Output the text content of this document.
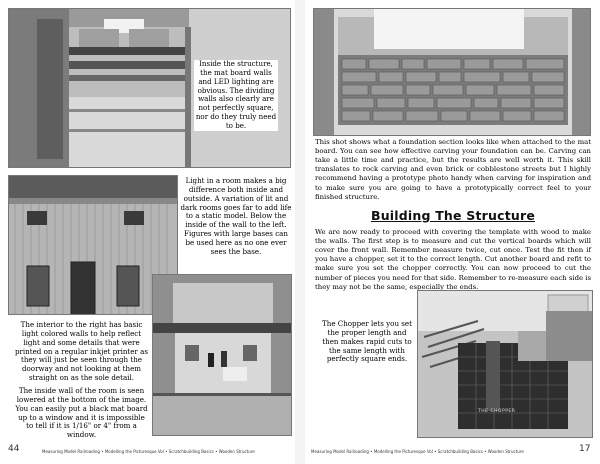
Inside the structure, the mat board walls and LED lighting are obvious. The dividing walls also clearly are not perfectly square, nor do they truly need to be.
Light in a room makes a big difference both inside and outside. A variation of lit and dark rooms goes far to add life to a static model. Below the inside of the wall to the left. Figures with large bases can be used here as no one ever sees the base.
The interior to the right has basic light colored walls to help reflect light and some details that were printed on a regular inkjet printer as they will just be seen through the doorway and not looking at them straight on as the sole detail.
The inside wall of the room is seen lowered at the bottom of the image. You can easily put a black mat board up to a window and it is impossible to tell if it is 1/16" or 4" from a window.
44	Measuring Model Railroading • Modelling the Picturesque Vol • Scratchbuilding Basics • Wooden Structure
This shot shows what a foundation section looks like when attached to the mat board. You can see how effective carving your foundation can be. Carving can take a little time and practice, but the results are well worth it. This skill translates to rock carving and even brick or cobblestone streets but I highly recommend having a prototype photo handy when carving for inspiration and to make sure you are going to have a prototypically correct feel to your finished structure.
Building The Structure
We are now ready to proceed with covering the template with wood to make the walls. The first step is to measure and cut the vertical boards which will cover the front wall. Remember measure twice, cut once. Test the fit then if you have a chopper, set it to the correct length. Cut another board and refit to make sure you set the chopper correctly. You can now proceed to cut the number of pieces you need for that side. Remember to re-measure each side is they may not be the same, especially the ends.
THE CHOPPER
The Chopper lets you set the proper length and then makes rapid cuts to the same length with perfectly square ends.
Measuring Model Railroading • Modelling the Picturesque Vol • Scratchbuilding Basics • Wooden Structure	17
